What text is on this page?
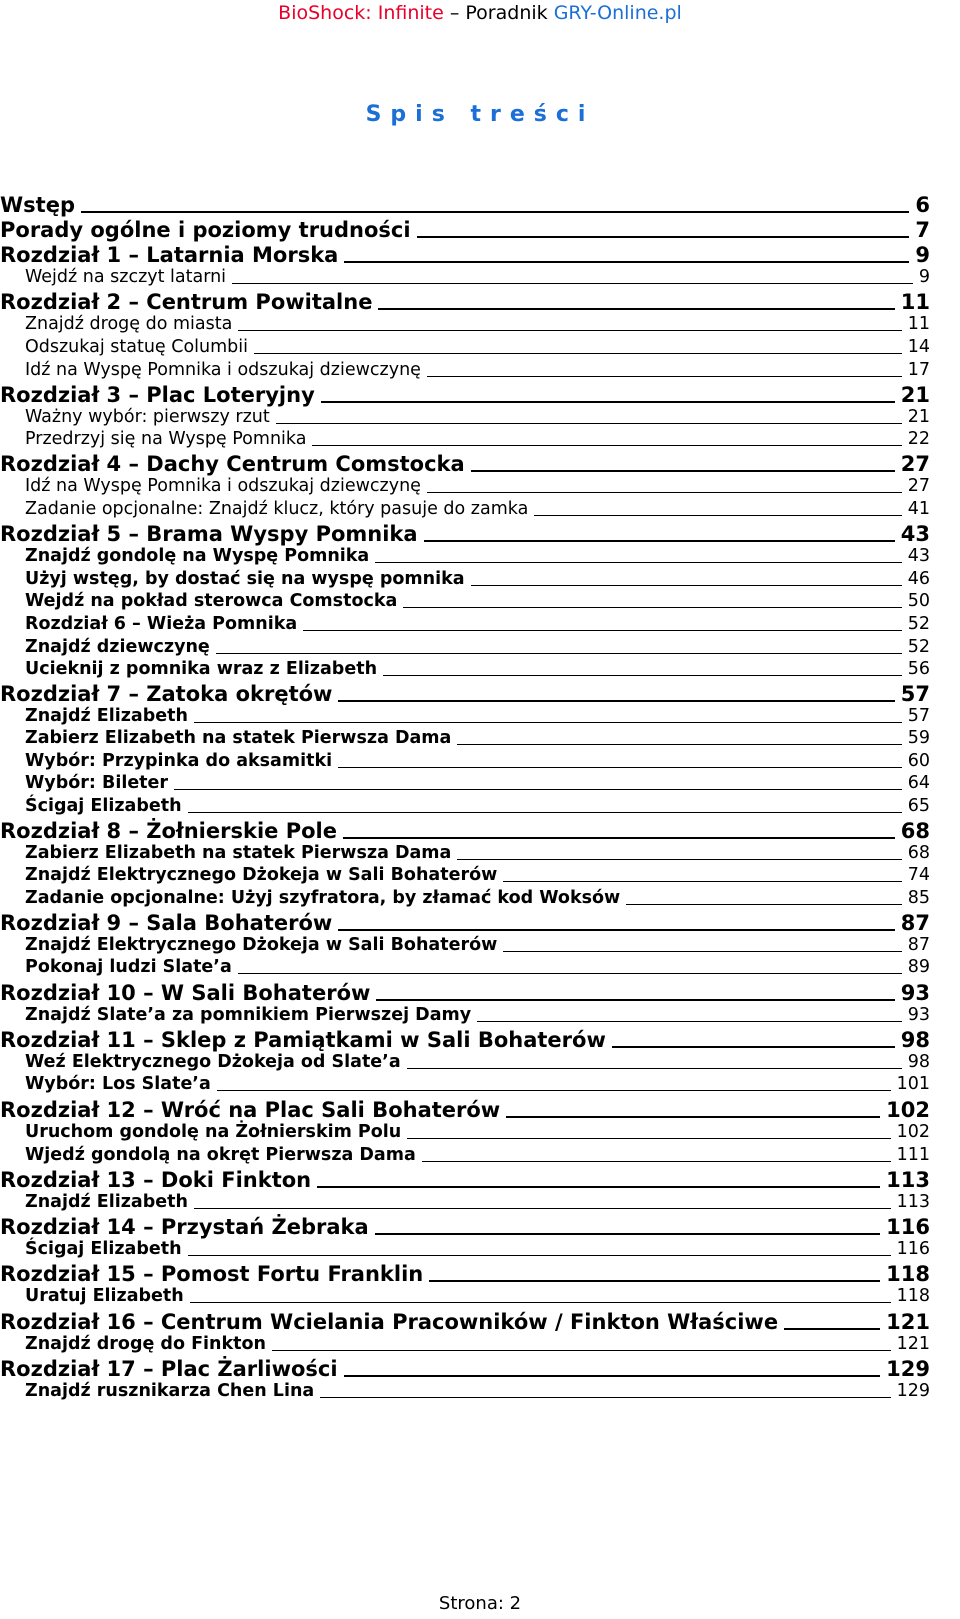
BioShock: Infinite – Poradnik GRY-Online.pl
Spis treści
Wstęp	6
Porady ogólne i poziomy trudności	7
Rozdział 1 – Latarnia Morska	9
Wejdź na szczyt latarni	9
Rozdział 2 – Centrum Powitalne	11
Znajdź drogę do miasta	11
Odszukaj statuę Columbii	14
Idź na Wyspę Pomnika i odszukaj dziewczynę	17
Rozdział 3 – Plac Loteryjny	21
Ważny wybór: pierwszy rzut	21
Przedrzyj się na Wyspę Pomnika	22
Rozdział 4 – Dachy Centrum Comstocka	27
Idź na Wyspę Pomnika i odszukaj dziewczynę	27
Zadanie opcjonalne: Znajdź klucz, który pasuje do zamka	41
Rozdział 5 – Brama Wyspy Pomnika	43
Znajdź gondolę na Wyspę Pomnika	43
Użyj wstęg, by dostać się na wyspę pomnika	46
Wejdź na pokład sterowca Comstocka	50
Rozdział 6 – Wieża Pomnika	52
Znajdź dziewczynę	52
Ucieknij z pomnika wraz z Elizabeth	56
Rozdział 7 – Zatoka okrętów	57
Znajdź Elizabeth	57
Zabierz Elizabeth na statek Pierwsza Dama	59
Wybór: Przypinka do aksamitki	60
Wybór: Bileter	64
Ścigaj Elizabeth	65
Rozdział 8 – Żołnierskie Pole	68
Zabierz Elizabeth na statek Pierwsza Dama	68
Znajdź Elektrycznego Dżokeja w Sali Bohaterów	74
Zadanie opcjonalne: Użyj szyfratora, by złamać kod Woksów	85
Rozdział 9 – Sala Bohaterów	87
Znajdź Elektrycznego Dżokeja w Sali Bohaterów	87
Pokonaj ludzi Slate’a	89
Rozdział 10 – W Sali Bohaterów	93
Znajdź Slate’a za pomnikiem Pierwszej Damy	93
Rozdział 11 – Sklep z Pamiątkami w Sali Bohaterów	98
Weź Elektrycznego Dżokeja od Slate’a	98
Wybór: Los Slate’a	101
Rozdział 12 – Wróć na Plac Sali Bohaterów	102
Uruchom gondolę na Żołnierskim Polu	102
Wjedź gondolą na okręt Pierwsza Dama	111
Rozdział 13 – Doki Finkton	113
Znajdź Elizabeth	113
Rozdział 14 – Przystań Żebraka	116
Ścigaj Elizabeth	116
Rozdział 15 – Pomost Fortu Franklin	118
Uratuj Elizabeth	118
Rozdział 16 – Centrum Wcielania Pracowników / Finkton Właściwe	121
Znajdź drogę do Finkton	121
Rozdział 17 – Plac Żarliwości	129
Znajdź rusznikarza Chen Lina	129
Strona: 2
